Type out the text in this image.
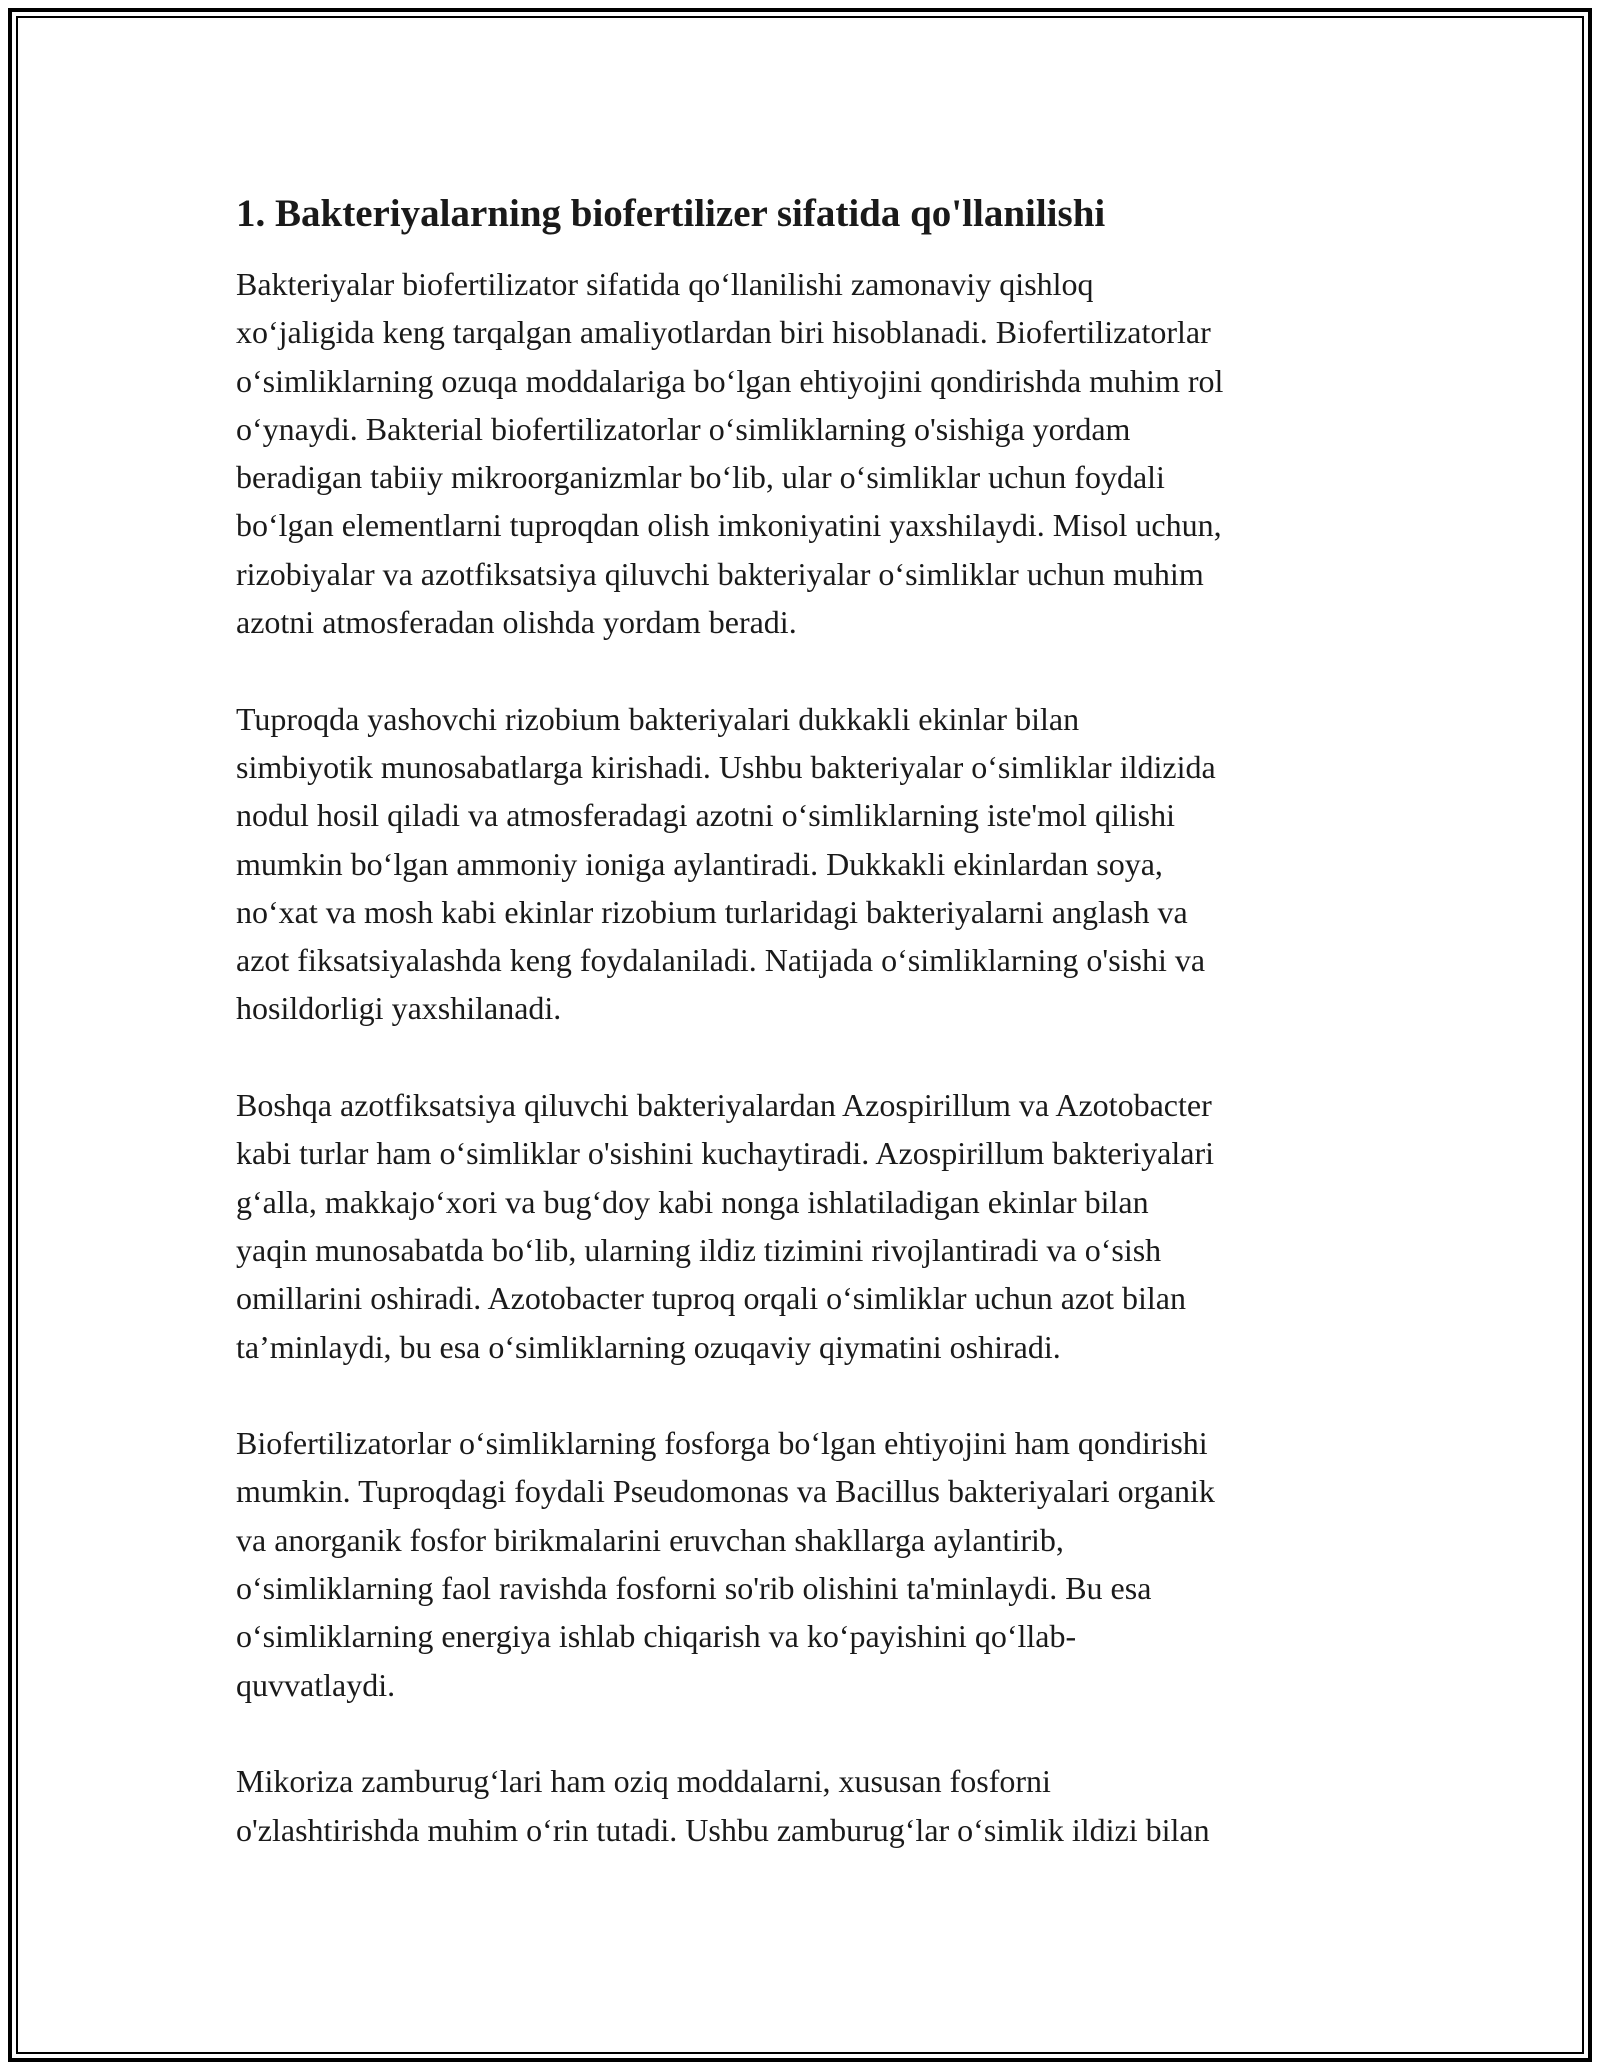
1. Bakteriyalarning biofertilizer sifatida qo'llanilishi
Bakteriyalar biofertilizator sifatida qo‘llanilishi zamonaviy qishloq
xo‘jaligida keng tarqalgan amaliyotlardan biri hisoblanadi. Biofertilizatorlar
o‘simliklarning ozuqa moddalariga bo‘lgan ehtiyojini qondirishda muhim rol
o‘ynaydi. Bakterial biofertilizatorlar o‘simliklarning o'sishiga yordam
beradigan tabiiy mikroorganizmlar bo‘lib, ular o‘simliklar uchun foydali
bo‘lgan elementlarni tuproqdan olish imkoniyatini yaxshilaydi. Misol uchun,
rizobiyalar va azotfiksatsiya qiluvchi bakteriyalar o‘simliklar uchun muhim
azotni atmosferadan olishda yordam beradi.
Tuproqda yashovchi rizobium bakteriyalari dukkakli ekinlar bilan
simbiyotik munosabatlarga kirishadi. Ushbu bakteriyalar o‘simliklar ildizida
nodul hosil qiladi va atmosferadagi azotni o‘simliklarning iste'mol qilishi
mumkin bo‘lgan ammoniy ioniga aylantiradi. Dukkakli ekinlardan soya,
no‘xat va mosh kabi ekinlar rizobium turlaridagi bakteriyalarni anglash va
azot fiksatsiyalashda keng foydalaniladi. Natijada o‘simliklarning o'sishi va
hosildorligi yaxshilanadi.
Boshqa azotfiksatsiya qiluvchi bakteriyalardan Azospirillum va Azotobacter
kabi turlar ham o‘simliklar o'sishini kuchaytiradi. Azospirillum bakteriyalari
g‘alla, makkajo‘xori va bug‘doy kabi nonga ishlatiladigan ekinlar bilan
yaqin munosabatda bo‘lib, ularning ildiz tizimini rivojlantiradi va o‘sish
omillarini oshiradi. Azotobacter tuproq orqali o‘simliklar uchun azot bilan
ta’minlaydi, bu esa o‘simliklarning ozuqaviy qiymatini oshiradi.
Biofertilizatorlar o‘simliklarning fosforga bo‘lgan ehtiyojini ham qondirishi
mumkin. Tuproqdagi foydali Pseudomonas va Bacillus bakteriyalari organik
va anorganik fosfor birikmalarini eruvchan shakllarga aylantirib,
o‘simliklarning faol ravishda fosforni so'rib olishini ta'minlaydi. Bu esa
o‘simliklarning energiya ishlab chiqarish va ko‘payishini qo‘llab-
quvvatlaydi.
Mikoriza zamburug‘lari ham oziq moddalarni, xususan fosforni
o'zlashtirishda muhim o‘rin tutadi. Ushbu zamburug‘lar o‘simlik ildizi bilan
